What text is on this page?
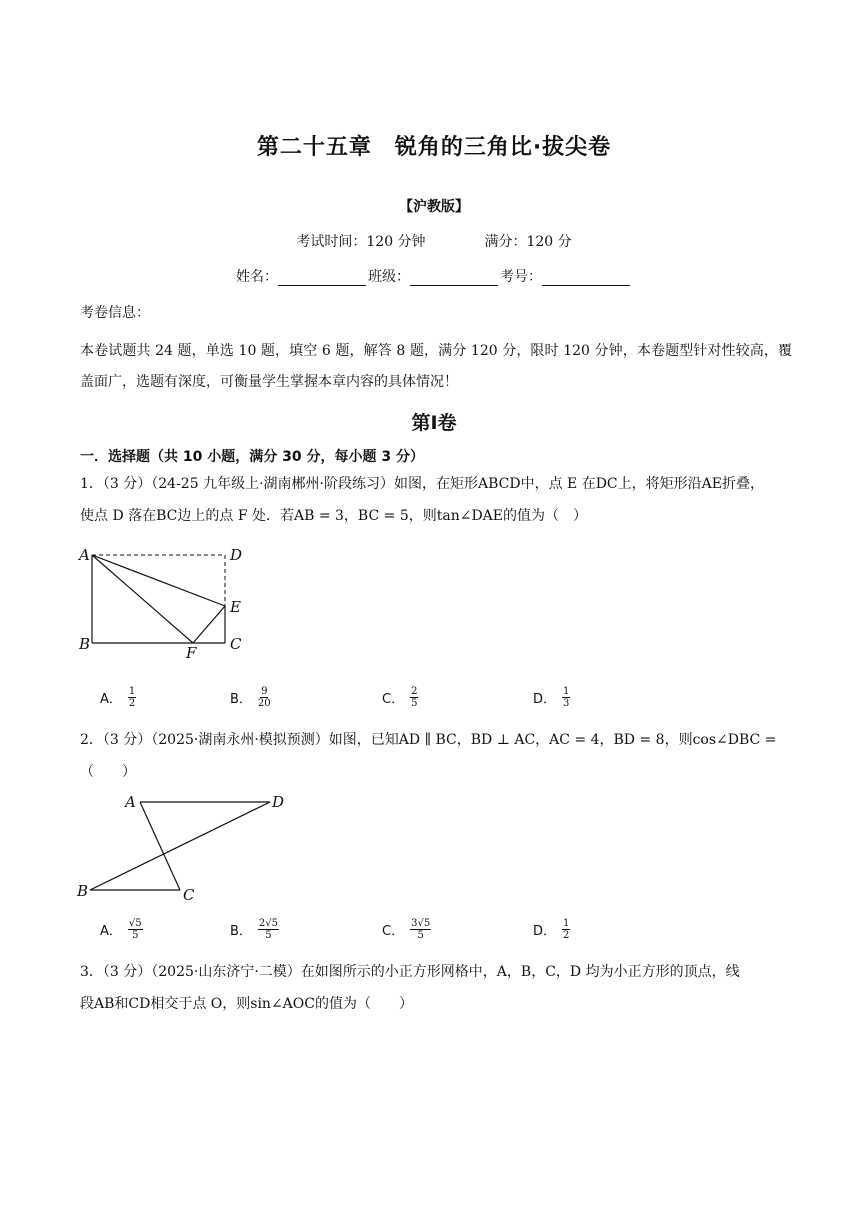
第二十五章　锐角的三角比·拔尖卷
【沪教版】
考试时间：120 分钟	满分：120 分
姓名：	班级：	考号：
考卷信息：
本卷试题共 24 题，单选 10 题，填空 6 题，解答 8 题，满分 120 分，限时 120 分钟，本卷题型针对性较高，覆盖面广，选题有深度，可衡量学生掌握本章内容的具体情况！
第Ⅰ卷
一．选择题（共 10 小题，满分 30 分，每小题 3 分）
1．（3 分）（24-25 九年级上·湖南郴州·阶段练习）如图，在矩形ABCD中，点 E 在DC上，将矩形沿AE折叠，
使点 D 落在BC边上的点 F 处．若AB = 3，BC = 5，则tan∠DAE的值为（　）
A	D
E
B	F C
A． $\frac{1}{2}$	B． $\frac{9}{20}$	C． $\frac{2}{5}$	D． $\frac{1}{3}$
2．（3 分）（2025·湖南永州·模拟预测）如图，已知AD ∥ BC，BD ⊥ AC，AC = 4，BD = 8，则cos∠DBC =
（　　）
A	D
B	C
A． $\frac{√5}{5}$	B． $\frac{2√5}{5}$	C． $\frac{3√5}{5}$	D． $\frac{1}{2}$
3．（3 分）（2025·山东济宁·二模）在如图所示的小正方形网格中，A，B，C，D 均为小正方形的顶点，线
段AB和CD相交于点 O，则sin∠AOC的值为（　　）
